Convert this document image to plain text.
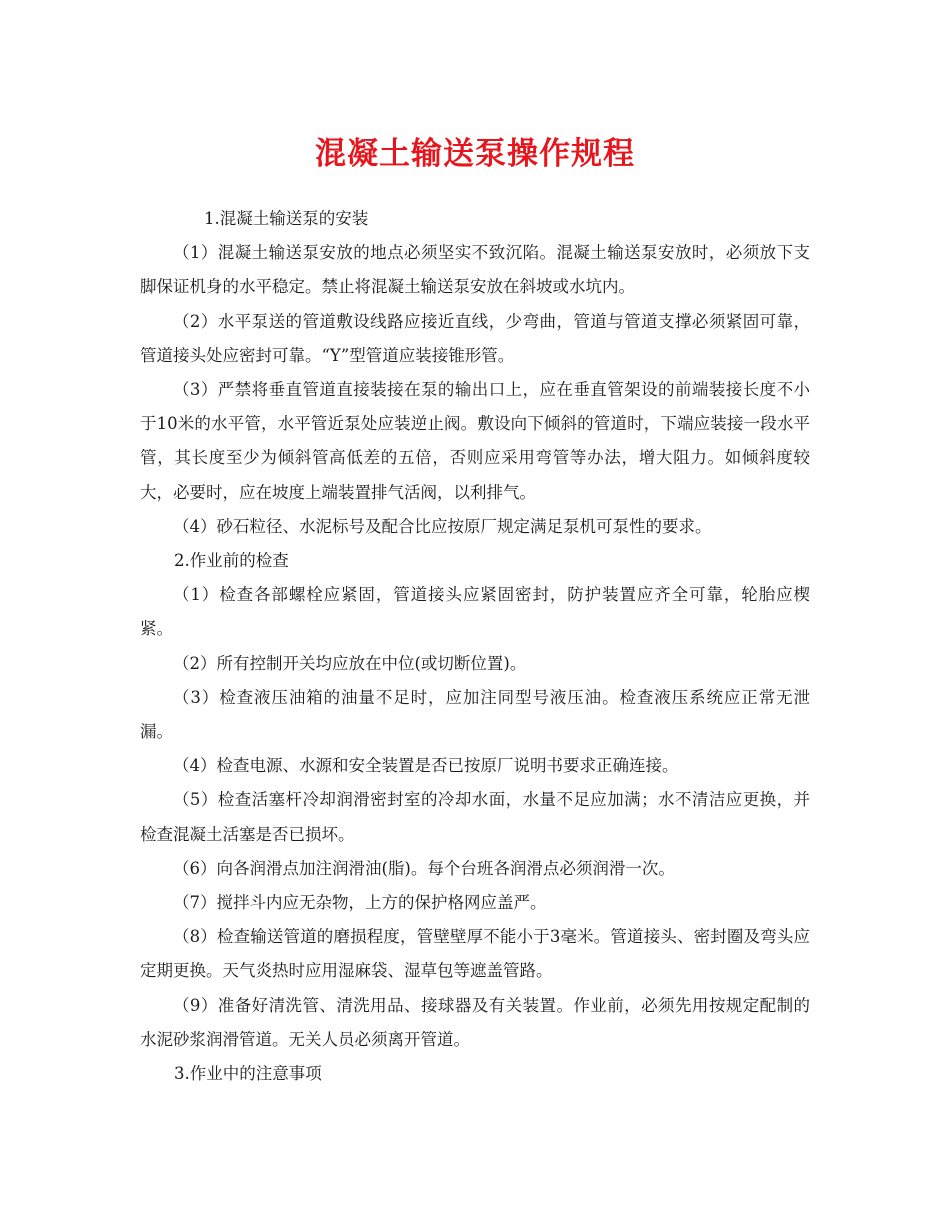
混凝土输送泵操作规程

1.混凝土输送泵的安装

（1）混凝土输送泵安放的地点必须坚实不致沉陷。混凝土输送泵安放时，必须放下支脚保证机身的水平稳定。禁止将混凝土输送泵安放在斜坡或水坑内。

（2）水平泵送的管道敷设线路应接近直线，少弯曲，管道与管道支撑必须紧固可靠，管道接头处应密封可靠。“Y”型管道应装接锥形管。

（3）严禁将垂直管道直接装接在泵的输出口上，应在垂直管架设的前端装接长度不小于10米的水平管，水平管近泵处应装逆止阀。敷设向下倾斜的管道时，下端应装接一段水平管，其长度至少为倾斜管高低差的五倍，否则应采用弯管等办法，增大阻力。如倾斜度较大，必要时，应在坡度上端装置排气活阀，以利排气。

（4）砂石粒径、水泥标号及配合比应按原厂规定满足泵机可泵性的要求。

2.作业前的检查

（1）检查各部螺栓应紧固，管道接头应紧固密封，防护装置应齐全可靠，轮胎应楔紧。

（2）所有控制开关均应放在中位(或切断位置)。

（3）检查液压油箱的油量不足时，应加注同型号液压油。检查液压系统应正常无泄漏。

（4）检查电源、水源和安全装置是否已按原厂说明书要求正确连接。

（5）检查活塞杆冷却润滑密封室的冷却水面，水量不足应加满；水不清洁应更换，并检查混凝土活塞是否已损坏。

（6）向各润滑点加注润滑油(脂)。每个台班各润滑点必须润滑一次。

（7）搅拌斗内应无杂物，上方的保护格网应盖严。

（8）检查输送管道的磨损程度，管壁壁厚不能小于3毫米。管道接头、密封圈及弯头应定期更换。天气炎热时应用湿麻袋、湿草包等遮盖管路。

（9）准备好清洗管、清洗用品、接球器及有关装置。作业前，必须先用按规定配制的水泥砂浆润滑管道。无关人员必须离开管道。

3.作业中的注意事项
